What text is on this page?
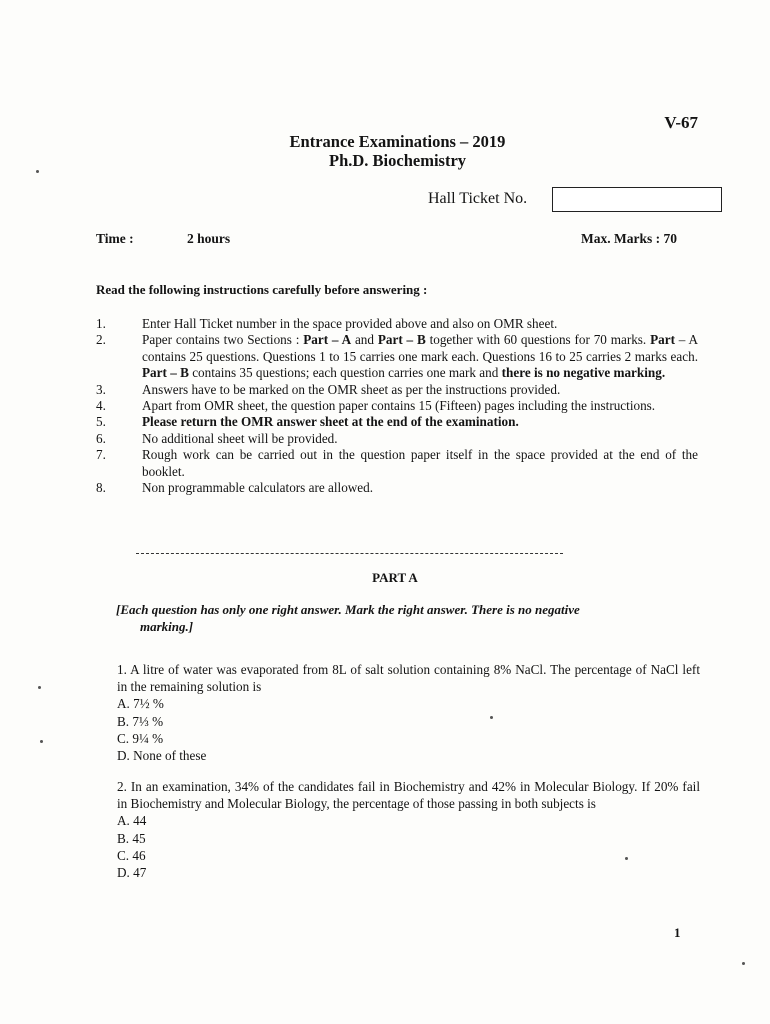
V-67
Entrance Examinations – 2019
Ph.D. Biochemistry
Hall Ticket No.
Time :	2 hours	Max. Marks : 70
Read the following instructions carefully before answering :
1.	Enter Hall Ticket number in the space provided above and also on OMR sheet.
2.	Paper contains two Sections : Part – A and Part – B together with 60 questions for 70 marks. Part – A contains 25 questions. Questions 1 to 15 carries one mark each. Questions 16 to 25 carries 2 marks each. Part – B contains 35 questions; each question carries one mark and there is no negative marking.
3.	Answers have to be marked on the OMR sheet as per the instructions provided.
4.	Apart from OMR sheet, the question paper contains 15 (Fifteen) pages including the instructions.
5.	Please return the OMR answer sheet at the end of the examination.
6.	No additional sheet will be provided.
7.	Rough work can be carried out in the question paper itself in the space provided at the end of the booklet.
8.	Non programmable calculators are allowed.
PART A
[Each question has only one right answer. Mark the right answer. There is no negative
marking.]
1. A litre of water was evaporated from 8L of salt solution containing 8% NaCl. The percentage of NaCl left in the remaining solution is
A. 7½ %
B. 7⅓ %
C. 9¼ %
D. None of these
2. In an examination, 34% of the candidates fail in Biochemistry and 42% in Molecular Biology. If 20% fail in Biochemistry and Molecular Biology, the percentage of those passing in both subjects is
A. 44
B. 45
C. 46
D. 47
1
